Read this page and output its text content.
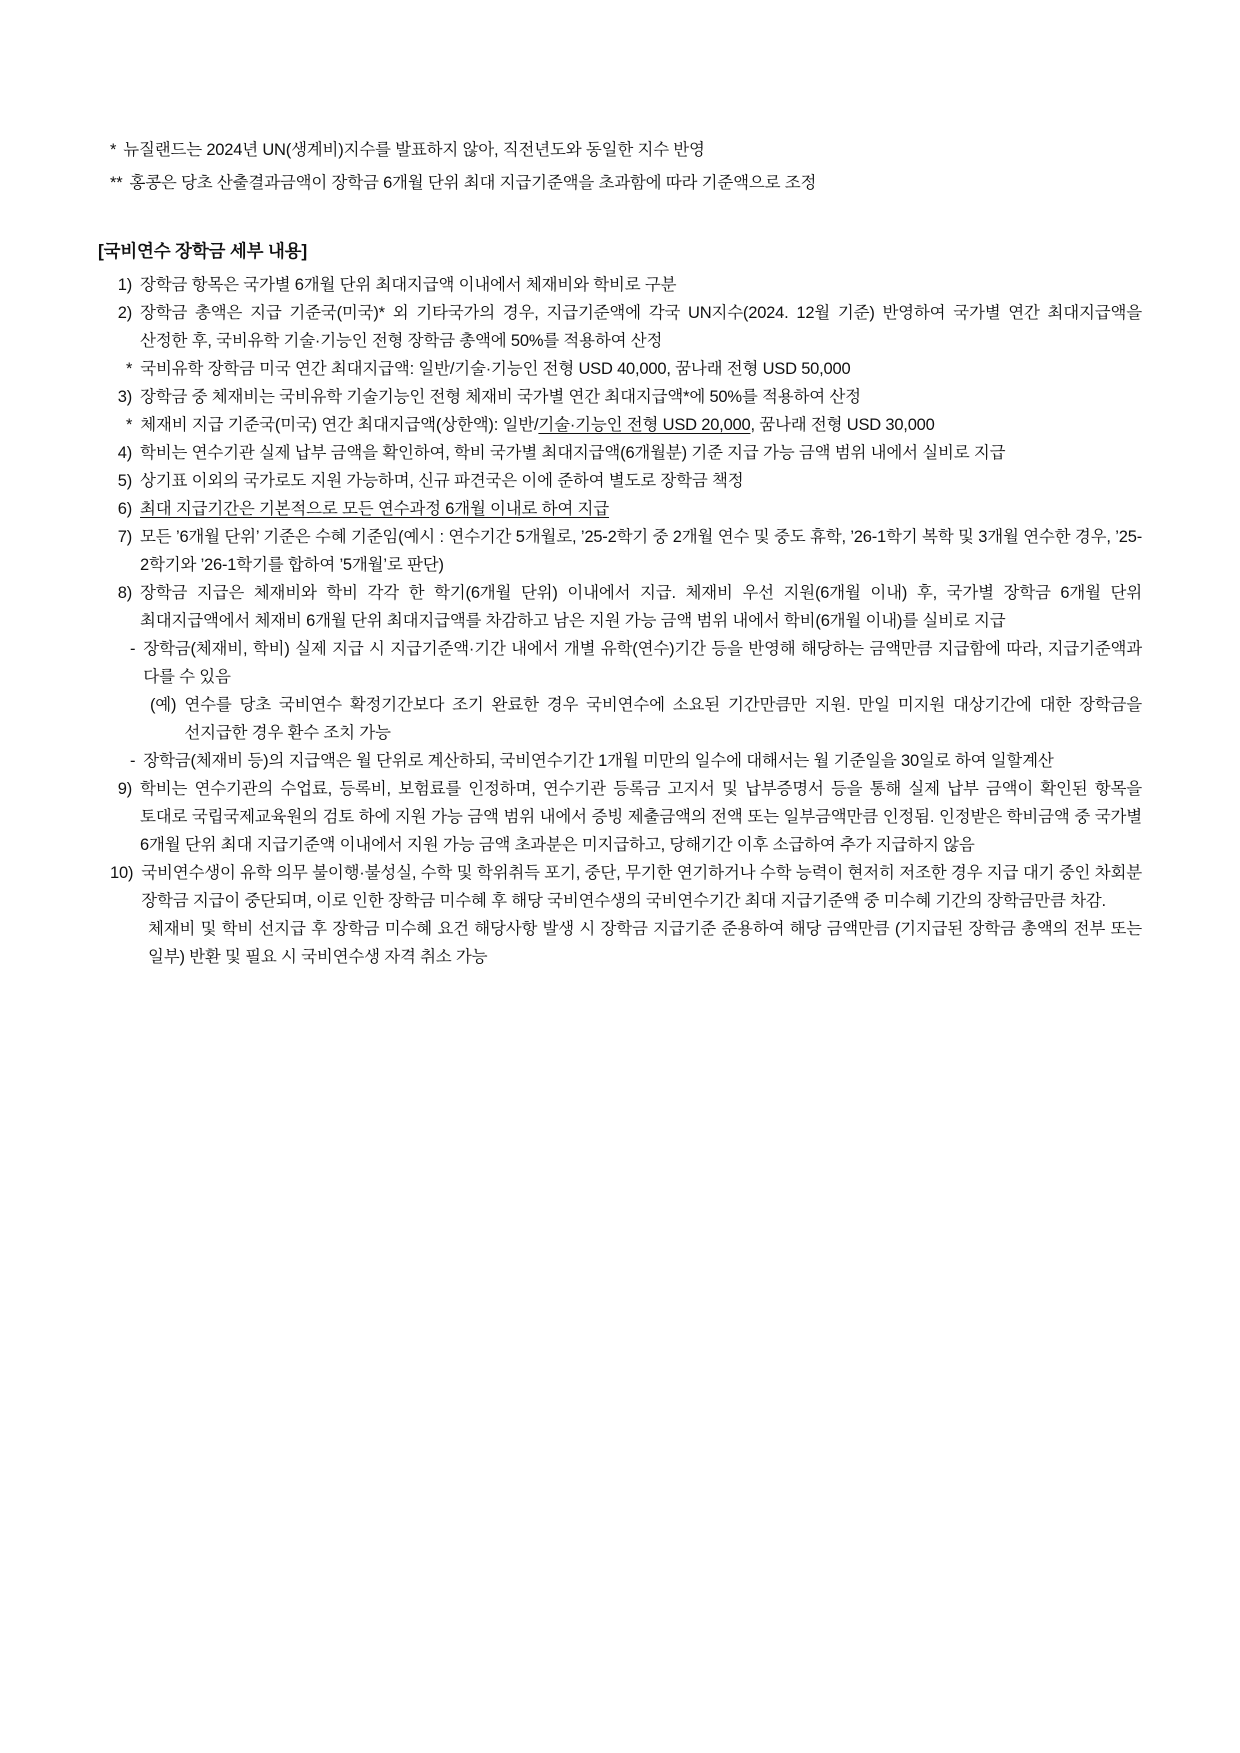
* 뉴질랜드는 2024년 UN(생계비)지수를 발표하지 않아, 직전년도와 동일한 지수 반영
** 홍콩은 당초 산출결과금액이 장학금 6개월 단위 최대 지급기준액을 초과함에 따라 기준액으로 조정
[국비연수 장학금 세부 내용]
1) 장학금 항목은 국가별 6개월 단위 최대지급액 이내에서 체재비와 학비로 구분
2) 장학금 총액은 지급 기준국(미국)* 외 기타국가의 경우, 지급기준액에 각국 UN지수(2024. 12월 기준) 반영하여 국가별 연간 최대지급액을 산정한 후, 국비유학 기술·기능인 전형 장학금 총액에 50%를 적용하여 산정
* 국비유학 장학금 미국 연간 최대지급액: 일반/기술·기능인 전형 USD 40,000, 꿈나래 전형 USD 50,000
3) 장학금 중 체재비는 국비유학 기술기능인 전형 체재비 국가별 연간 최대지급액*에 50%를 적용하여 산정
* 체재비 지급 기준국(미국) 연간 최대지급액(상한액): 일반/기술·기능인 전형 USD 20,000, 꿈나래 전형 USD 30,000
4) 학비는 연수기관 실제 납부 금액을 확인하여, 학비 국가별 최대지급액(6개월분) 기준 지급 가능 금액 범위 내에서 실비로 지급
5) 상기표 이외의 국가로도 지원 가능하며, 신규 파견국은 이에 준하여 별도로 장학금 책정
6) 최대 지급기간은 기본적으로 모든 연수과정 6개월 이내로 하여 지급
7) 모든 ’6개월 단위’ 기준은 수혜 기준임(예시 : 연수기간 5개월로, ’25-2학기 중 2개월 연수 및 중도 휴학, ’26-1학기 복학 및 3개월 연수한 경우, ’25-2학기와 ’26-1학기를 합하여 ’5개월’로 판단)
8) 장학금 지급은 체재비와 학비 각각 한 학기(6개월 단위) 이내에서 지급. 체재비 우선 지원(6개월 이내) 후, 국가별 장학금 6개월 단위 최대지급액에서 체재비 6개월 단위 최대지급액를 차감하고 남은 지원 가능 금액 범위 내에서 학비(6개월 이내)를 실비로 지급
- 장학금(체재비, 학비) 실제 지급 시 지급기준액·기간 내에서 개별 유학(연수)기간 등을 반영해 해당하는 금액만큼 지급함에 따라, 지급기준액과 다를 수 있음
(예) 연수를 당초 국비연수 확정기간보다 조기 완료한 경우 국비연수에 소요된 기간만큼만 지원. 만일 미지원 대상기간에 대한 장학금을 선지급한 경우 환수 조치 가능
- 장학금(체재비 등)의 지급액은 월 단위로 계산하되, 국비연수기간 1개월 미만의 일수에 대해서는 월 기준일을 30일로 하여 일할계산
9) 학비는 연수기관의 수업료, 등록비, 보험료를 인정하며, 연수기관 등록금 고지서 및 납부증명서 등을 통해 실제 납부 금액이 확인된 항목을 토대로 국립국제교육원의 검토 하에 지원 가능 금액 범위 내에서 증빙 제출금액의 전액 또는 일부금액만큼 인정됨. 인정받은 학비금액 중 국가별 6개월 단위 최대 지급기준액 이내에서 지원 가능 금액 초과분은 미지급하고, 당해기간 이후 소급하여 추가 지급하지 않음
10) 국비연수생이 유학 의무 불이행·불성실, 수학 및 학위취득 포기, 중단, 무기한 연기하거나 수학 능력이 현저히 저조한 경우 지급 대기 중인 차회분 장학금 지급이 중단되며, 이로 인한 장학금 미수혜 후 해당 국비연수생의 국비연수기간 최대 지급기준액 중 미수혜 기간의 장학금만큼 차감.
체재비 및 학비 선지급 후 장학금 미수혜 요건 해당사항 발생 시 장학금 지급기준 준용하여 해당 금액만큼 (기지급된 장학금 총액의 전부 또는 일부) 반환 및 필요 시 국비연수생 자격 취소 가능
